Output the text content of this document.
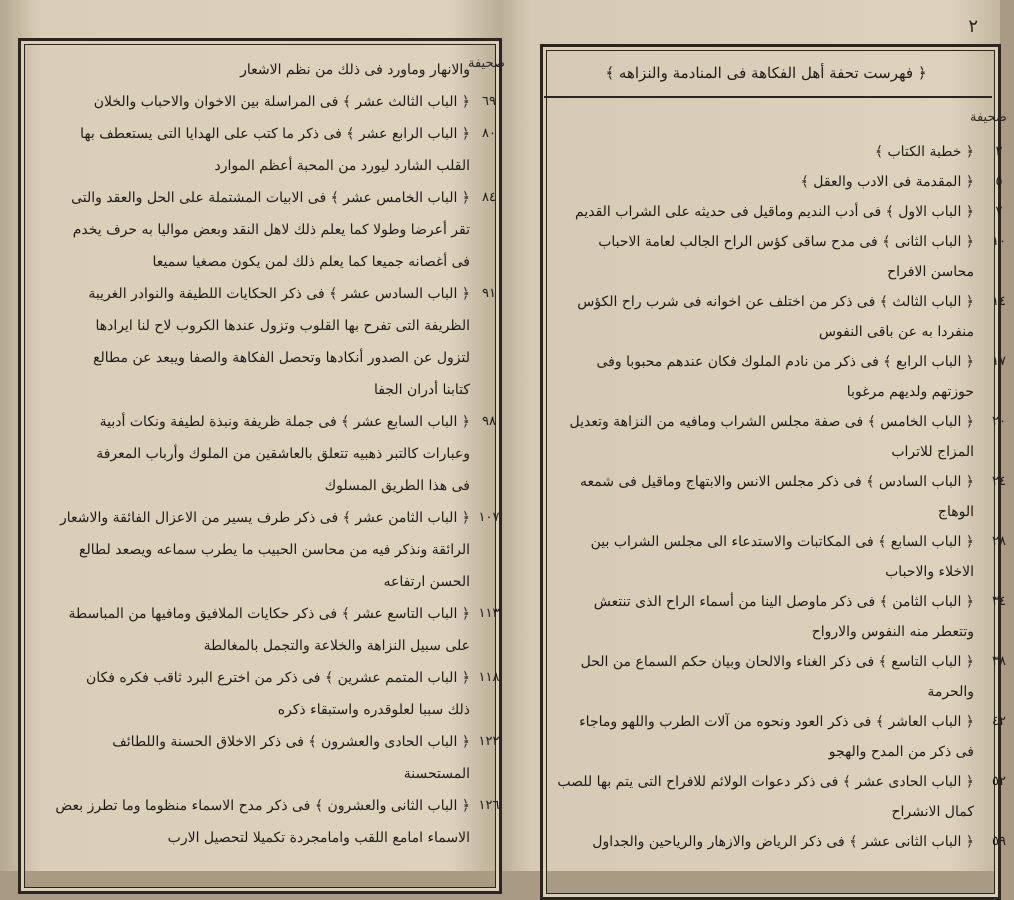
صحيفة
والانهار وماورد فى ذلك من نظم الاشعار
٦٩
﴿ الباب الثالث عشر ﴾ فى المراسلة بين الاخوان والاحباب والخلان
٨٠
﴿ الباب الرابع عشر ﴾ فى ذكر ما كتب على الهدايا التى يستعطف بها
القلب الشارد ليورد من المحبة أعظم الموارد
٨٤
﴿ الباب الخامس عشر ﴾ فى الابيات المشتملة على الحل والعقد والتى
تقر أعرضا وطولا كما يعلم ذلك لاهل النقد وبعض مواليا به حرف يخدم
فى أغصانه جميعا كما يعلم ذلك لمن يكون مصغيا سميعا
٩١
﴿ الباب السادس عشر ﴾ فى ذكر الحكايات اللطيفة والنوادر الغريبة
الظريفة التى تفرح بها القلوب وتزول عندها الكروب لاح لنا ايرادها
لتزول عن الصدور أنكادها وتحصل الفكاهة والصفا ويبعد عن مطالع
كتابنا أدران الجفا
٩٨
﴿ الباب السابع عشر ﴾ فى جملة ظريفة ونبذة لطيفة ونكات أدبية
وعبارات كالتبر ذهبيه تتعلق بالعاشقين من الملوك وأرباب المعرفة
فى هذا الطريق المسلوك
١٠٧
﴿ الباب الثامن عشر ﴾ فى ذكر طرف يسير من الاعزال الفائقة والاشعار
الرائقة ونذكر فيه من محاسن الحبيب ما يطرب سماعه ويصعد لطالع
الحسن ارتفاعه
١١٣
﴿ الباب التاسع عشر ﴾ فى ذكر حكايات الملافيق ومافيها من المباسطة
على سبيل النزاهة والخلاعة والتجمل بالمغالطة
١١٨
﴿ الباب المتمم عشرين ﴾ فى ذكر من اخترع البرد ثاقب فكره فكان
ذلك سببا لعلوقدره واستبقاء ذكره
١٢٢
﴿ الباب الحادى والعشرون ﴾ فى ذكر الاخلاق الحسنة واللطائف
المستحسنة
١٢٦
﴿ الباب الثانى والعشرون ﴾ فى ذكر مدح الاسماء منظوما وما تطرز بعض
الاسماء امامع اللقب وامامجردة تكميلا لتحصيل الارب
٢
﴿ فهرست تحفة أهل الفكاهة فى المنادمة والنزاهه ﴾
صحيفة
٢
﴿ خطبة الكتاب ﴾
٥
﴿ المقدمة فى الادب والعقل ﴾
٧
﴿ الباب الاول ﴾ فى أدب النديم وماقيل فى حديثه على الشراب القديم
١٠
﴿ الباب الثانى ﴾ فى مدح ساقى كؤس الراح الجالب لعامة الاحباب
محاسن الافراح
١٤
﴿ الباب الثالث ﴾ فى ذكر من اختلف عن اخوانه فى شرب راح الكؤس
منفردا به عن باقى النفوس
١٧
﴿ الباب الرابع ﴾ فى ذكر من نادم الملوك فكان عندهم محبوبا وفى
حوزتهم ولديهم مرغوبا
٢٠
﴿ الباب الخامس ﴾ فى صفة مجلس الشراب ومافيه من النزاهة وتعديل
المزاج للاتراب
٢٤
﴿ الباب السادس ﴾ فى ذكر مجلس الانس والابتهاج وماقيل فى شمعه
الوهاج
٢٨
﴿ الباب السابع ﴾ فى المكاتبات والاستدعاء الى مجلس الشراب بين
الاخلاء والاحباب
٣٤
﴿ الباب الثامن ﴾ فى ذكر ماوصل الينا من أسماء الراح الذى تنتعش
وتتعطر منه النفوس والارواح
٣٨
﴿ الباب التاسع ﴾ فى ذكر الغناء والالحان وبيان حكم السماع من الحل
والحرمة
٤٢
﴿ الباب العاشر ﴾ فى ذكر العود ونحوه من آلات الطرب واللهو وماجاء
فى ذكر من المدح والهجو
٥٢
﴿ الباب الحادى عشر ﴾ فى ذكر دعوات الولائم للافراح التى يتم بها للصب
كمال الانشراح
٥٩
﴿ الباب الثانى عشر ﴾ فى ذكر الرياض والازهار والرياحين والجداول
